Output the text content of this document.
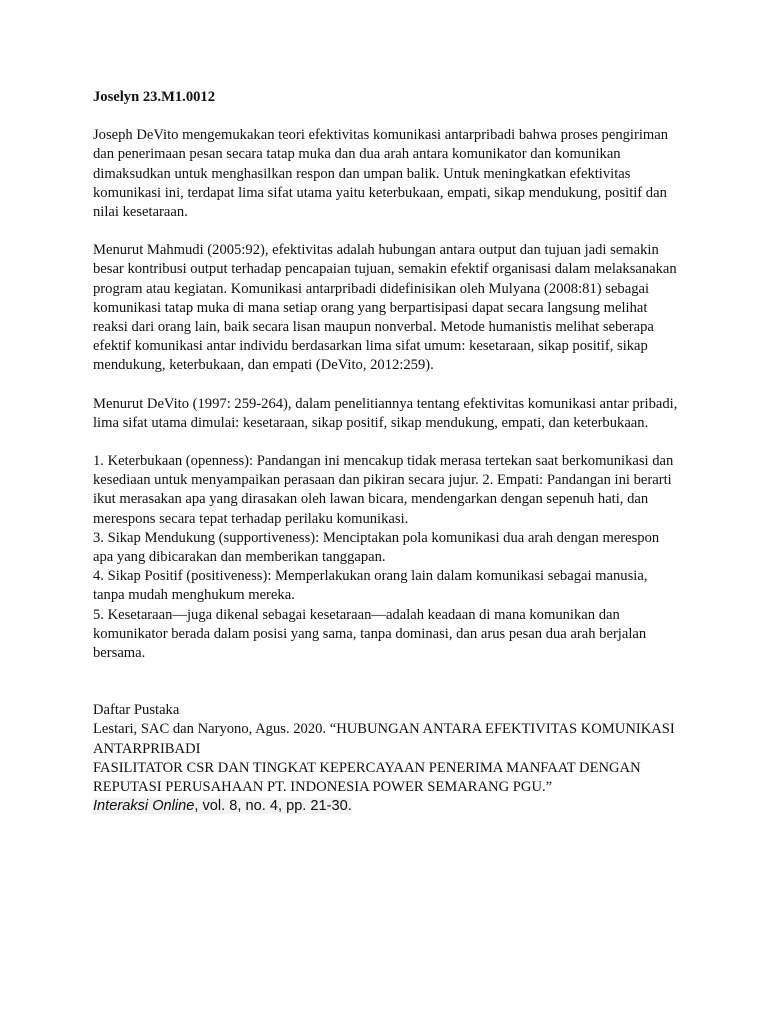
Joselyn 23.M1.0012

Joseph DeVito mengemukakan teori efektivitas komunikasi antarpribadi bahwa proses pengiriman dan penerimaan pesan secara tatap muka dan dua arah antara komunikator dan komunikan dimaksudkan untuk menghasilkan respon dan umpan balik. Untuk meningkatkan efektivitas komunikasi ini, terdapat lima sifat utama yaitu keterbukaan, empati, sikap mendukung, positif dan nilai kesetaraan.

Menurut Mahmudi (2005:92), efektivitas adalah hubungan antara output dan tujuan jadi semakin besar kontribusi output terhadap pencapaian tujuan, semakin efektif organisasi dalam melaksanakan program atau kegiatan. Komunikasi antarpribadi didefinisikan oleh Mulyana (2008:81) sebagai komunikasi tatap muka di mana setiap orang yang berpartisipasi dapat secara langsung melihat reaksi dari orang lain, baik secara lisan maupun nonverbal. Metode humanistis melihat seberapa efektif komunikasi antar individu berdasarkan lima sifat umum: kesetaraan, sikap positif, sikap mendukung, keterbukaan, dan empati (DeVito, 2012:259).

Menurut DeVito (1997: 259-264), dalam penelitiannya tentang efektivitas komunikasi antar pribadi, lima sifat utama dimulai: kesetaraan, sikap positif, sikap mendukung, empati, dan keterbukaan.

1. Keterbukaan (openness): Pandangan ini mencakup tidak merasa tertekan saat berkomunikasi dan kesediaan untuk menyampaikan perasaan dan pikiran secara jujur. 2. Empati: Pandangan ini berarti ikut merasakan apa yang dirasakan oleh lawan bicara, mendengarkan dengan sepenuh hati, dan merespons secara tepat terhadap perilaku komunikasi.
3. Sikap Mendukung (supportiveness): Menciptakan pola komunikasi dua arah dengan merespon apa yang dibicarakan dan memberikan tanggapan.
4. Sikap Positif (positiveness): Memperlakukan orang lain dalam komunikasi sebagai manusia, tanpa mudah menghukum mereka.
5. Kesetaraan—juga dikenal sebagai kesetaraan—adalah keadaan di mana komunikan dan komunikator berada dalam posisi yang sama, tanpa dominasi, dan arus pesan dua arah berjalan bersama.
Daftar Pustaka
Lestari, SAC dan Naryono, Agus. 2020. “HUBUNGAN ANTARA EFEKTIVITAS KOMUNIKASI ANTARPRIBADI
FASILITATOR CSR DAN TINGKAT KEPERCAYAAN PENERIMA MANFAAT DENGAN REPUTASI PERUSAHAAN PT. INDONESIA POWER SEMARANG PGU.”
Interaksi Online, vol. 8, no. 4, pp. 21-30.
